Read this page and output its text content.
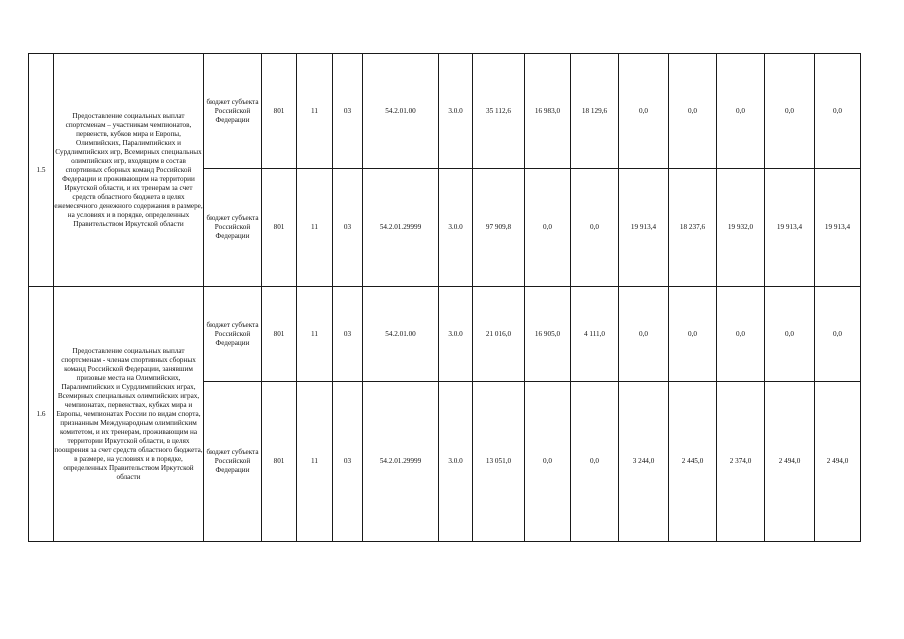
1.5	Предоставление социальных выплат спортсменам – участникам чемпионатов, первенств, кубков мира и Европы, Олимпийских, Паралимпийских и Сурдлимпийских игр, Всемирных специальных олимпийских игр, входящим в состав спортивных сборных команд Российской Федерации и проживающим на территории Иркутской области, и их тренерам за счет средств областного бюджета в целях ежемесячного денежного содержания в размере, на условиях и в порядке, определенных Правительством Иркутской области	бюджет субъекта Российской Федерации	801	11	03	54.2.01.00	3.0.0	35 112,6	16 983,0	18 129,6	0,0	0,0	0,0	0,0	0,0
		бюджет субъекта Российской Федерации	801	11	03	54.2.01.29999	3.0.0	97 909,8	0,0	0,0	19 913,4	18 237,6	19 932,0	19 913,4	19 913,4
1.6	Предоставление социальных выплат спортсменам - членам спортивных сборных команд Российской Федерации, занявшим призовые места на Олимпийских, Паралимпийских и Сурдлимпийских играх, Всемирных специальных олимпийских играх, чемпионатах, первенствах, кубках мира и Европы, чемпионатах России по видам спорта, признанным Международным олимпийским комитетом, и их тренерам, проживающим на территории Иркутской области, в целях поощрения за счет средств областного бюджета, в размере, на условиях и в порядке, определенных Правительством Иркутской области	бюджет субъекта Российской Федерации	801	11	03	54.2.01.00	3.0.0	21 016,0	16 905,0	4 111,0	0,0	0,0	0,0	0,0	0,0
		бюджет субъекта Российской Федерации	801	11	03	54.2.01.29999	3.0.0	13 051,0	0,0	0,0	3 244,0	2 445,0	2 374,0	2 494,0	2 494,0
